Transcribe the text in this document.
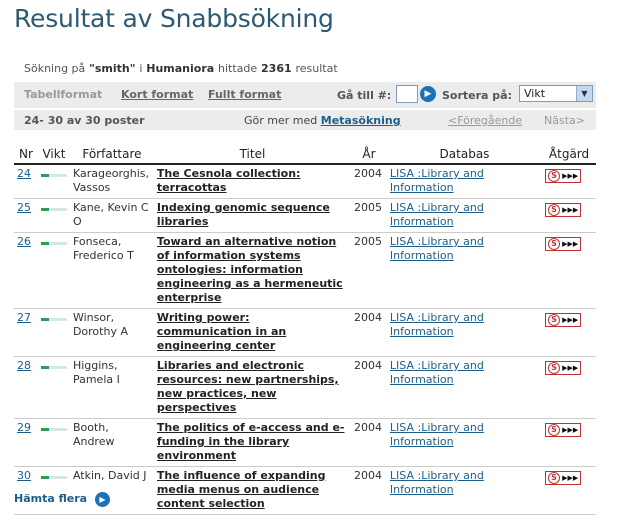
Resultat av Snabbsökning
Sökning på "smith" i Humaniora hittade 2361 resultat
Tabellformat Kort format Fullt format	Gå till #:	▶ Sortera på: Vikt	▼
24- 30 av 30 poster	Gör mer med Metasökning	<Föregående Nästa>
Nr	Vikt	Författare	Titel	År	Databas	Åtgärd
24		Karageorghis, Vassos	The Cesnola collection: terracottas	2004	LISA :Library and Information	S ▶▶▶

25		Kane, Kevin C O	Indexing genomic sequence libraries	2005	LISA :Library and Information	S ▶▶▶

26		Fonseca, Frederico T	Toward an alternative notion of information systems ontologies: information engineering as a hermeneutic enterprise	2005	LISA :Library and Information	S ▶▶▶

27		Winsor, Dorothy A	Writing power: communication in an engineering center	2004	LISA :Library and Information	S ▶▶▶

28		Higgins, Pamela I	Libraries and electronic resources: new partnerships, new practices, new perspectives	2004	LISA :Library and Information	S ▶▶▶

29		Booth, Andrew	The politics of e-access and e-funding in the library environment	2004	LISA :Library and Information	S ▶▶▶

30		Atkin, David J	The influence of expanding media menus on audience content selection	2004	LISA :Library and Information	S ▶▶▶
Hämta flera	▶
